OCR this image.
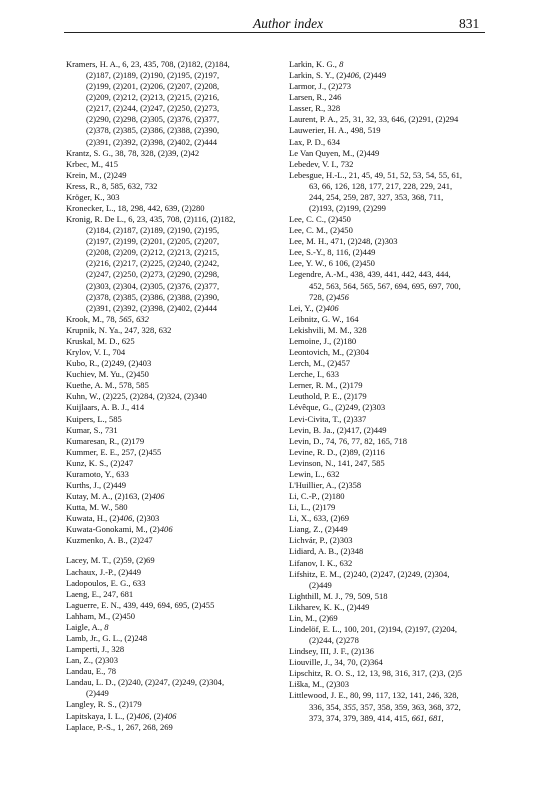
Author index	831
Kramers, H. A., 6, 23, 435, 708, (2)182, (2)184,
(2)187, (2)189, (2)190, (2)195, (2)197,
(2)199, (2)201, (2)206, (2)207, (2)208,
(2)209, (2)212, (2)213, (2)215, (2)216,
(2)217, (2)244, (2)247, (2)250, (2)273,
(2)290, (2)298, (2)305, (2)376, (2)377,
(2)378, (2)385, (2)386, (2)388, (2)390,
(2)391, (2)392, (2)398, (2)402, (2)444
Krantz, S. G., 38, 78, 328, (2)39, (2)42
Krbec, M., 415
Krein, M., (2)249
Kress, R., 8, 585, 632, 732
Kröger, K., 303
Kronecker, L., 18, 298, 442, 639, (2)280
Kronig, R. De L., 6, 23, 435, 708, (2)116, (2)182,
(2)184, (2)187, (2)189, (2)190, (2)195,
(2)197, (2)199, (2)201, (2)205, (2)207,
(2)208, (2)209, (2)212, (2)213, (2)215,
(2)216, (2)217, (2)225, (2)240, (2)242,
(2)247, (2)250, (2)273, (2)290, (2)298,
(2)303, (2)304, (2)305, (2)376, (2)377,
(2)378, (2)385, (2)386, (2)388, (2)390,
(2)391, (2)392, (2)398, (2)402, (2)444
Krook, M., 78, 565, 632
Krupnik, N. Ya., 247, 328, 632
Kruskal, M. D., 625
Krylov, V. I., 704
Kubo, R., (2)249, (2)403
Kuchiev, M. Yu., (2)450
Kuethe, A. M., 578, 585
Kuhn, W., (2)225, (2)284, (2)324, (2)340
Kuijlaars, A. B. J., 414
Kuipers, L., 585
Kumar, S., 731
Kumaresan, R., (2)179
Kummer, E. E., 257, (2)455
Kunz, K. S., (2)247
Kuramoto, Y., 633
Kurths, J., (2)449
Kutay, M. A., (2)163, (2)406
Kutta, M. W., 580
Kuwata, H., (2)406, (2)303
Kuwata-Gonokami, M., (2)406
Kuzmenko, A. B., (2)247
Lacey, M. T., (2)59, (2)69
Lachaux, J.-P., (2)449
Ladopoulos, E. G., 633
Laeng, E., 247, 681
Laguerre, E. N., 439, 449, 694, 695, (2)455
Lahham, M., (2)450
Laigle, A., 8
Lamb, Jr., G. L., (2)248
Lamperti, J., 328
Lan, Z., (2)303
Landau, E., 78
Landau, L. D., (2)240, (2)247, (2)249, (2)304,
(2)449
Langley, R. S., (2)179
Lapitskaya, I. L., (2)406, (2)406
Laplace, P.-S., 1, 267, 268, 269
Larkin, K. G., 8
Larkin, S. Y., (2)406, (2)449
Larmor, J., (2)273
Larsen, R., 246
Lasser, R., 328
Laurent, P. A., 25, 31, 32, 33, 646, (2)291, (2)294
Lauwerier, H. A., 498, 519
Lax, P. D., 634
Le Van Quyen, M., (2)449
Lebedev, V. I., 732
Lebesgue, H.-L., 21, 45, 49, 51, 52, 53, 54, 55, 61,
63, 66, 126, 128, 177, 217, 228, 229, 241,
244, 254, 259, 287, 327, 353, 368, 711,
(2)193, (2)199, (2)299
Lee, C. C., (2)450
Lee, C. M., (2)450
Lee, M. H., 471, (2)248, (2)303
Lee, S.-Y., 8, 116, (2)449
Lee, Y. W., 6 106, (2)450
Legendre, A.-M., 438, 439, 441, 442, 443, 444,
452, 563, 564, 565, 567, 694, 695, 697, 700,
728, (2)456
Lei, Y., (2)406
Leibnitz, G. W., 164
Lekishvili, M. M., 328
Lemoine, J., (2)180
Leontovich, M., (2)304
Lerch, M., (2)457
Lerche, I., 633
Lerner, R. M., (2)179
Leuthold, P. E., (2)179
Lévêque, G., (2)249, (2)303
Levi-Civita, T., (2)337
Levin, B. Ja., (2)417, (2)449
Levin, D., 74, 76, 77, 82, 165, 718
Levine, R. D., (2)89, (2)116
Levinson, N., 141, 247, 585
Lewin, L., 632
L'Huillier, A., (2)358
Li, C.-P., (2)180
Li, L., (2)179
Li, X., 633, (2)69
Liang, Z., (2)449
Lichvár, P., (2)303
Lidiard, A. B., (2)348
Lifanov, I. K., 632
Lifshitz, E. M., (2)240, (2)247, (2)249, (2)304,
(2)449
Lighthill, M. J., 79, 509, 518
Likharev, K. K., (2)449
Lin, M., (2)69
Lindelöf, E. L., 100, 201, (2)194, (2)197, (2)204,
(2)244, (2)278
Lindsey, III, J. F., (2)136
Liouville, J., 34, 70, (2)364
Lipschitz, R. O. S., 12, 13, 98, 316, 317, (2)3, (2)5
Liška, M., (2)303
Littlewood, J. E., 80, 99, 117, 132, 141, 246, 328,
336, 354, 355, 357, 358, 359, 363, 368, 372,
373, 374, 379, 389, 414, 415, 661, 681,
